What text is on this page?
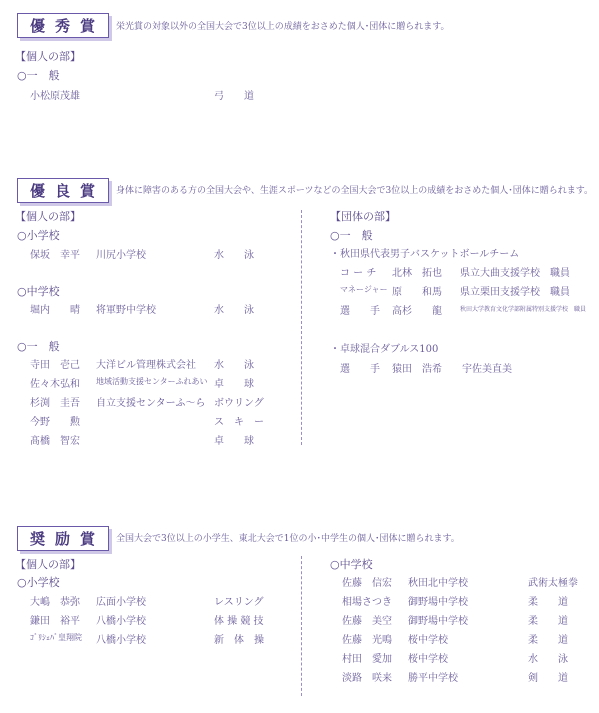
優秀賞	栄光賞の対象以外の全国大会で3位以上の成績をおさめた個人･団体に贈られます。
【個人の部】
○一　般
小松原茂雄	弓　　道
優良賞	身体に障害のある方の全国大会や、生涯スポーツなどの全国大会で3位以上の成績をおさめた個人･団体に贈られます。
【個人の部】
○小学校
保坂　幸平 川尻小学校	水　　泳
○中学校
堀内　　晴 将軍野中学校	水　　泳
○一　般
寺田　壱己 大洋ビル管理株式会社 水　　泳
佐々木弘和 地域活動支援センターふれあい 卓　　球
杉渕　圭吾 自立支援センターふ～ら ボウリング
今野　　勲	ス　キ　ー
髙橋　智宏	卓　　球
【団体の部】
○一　般
・秋田県代表男子バスケットボールチーム
コ ー チ 北林　拓也 県立大曲支援学校　職員
マネージャー 原　　和馬 県立栗田支援学校　職員
選　　手 高杉　　龍	秋田大学教育文化学部附属特別支援学校　職員
・卓球混合ダブルス100
選　　手 猿田　浩希　　宇佐美直美
奨励賞	全国大会で3位以上の小学生、東北大会で1位の小･中学生の個人･団体に贈られます。
【個人の部】
○小学校
大嶋　恭弥 広面小学校	レスリング
鎌田　裕平 八橋小学校	体 操 競 技
ｺﾞﾘｼｪﾊﾞ皇翔院 八橋小学校	新　体　操
○中学校
佐藤　信宏 秋田北中学校	武術太極拳
相場さつき 御野場中学校	柔　　道
佐藤　美空 御野場中学校	柔　　道
佐藤　光鳴 桜中学校	柔　　道
村田　愛加 桜中学校	水　　泳
淡路　咲来 勝平中学校	剣　　道
